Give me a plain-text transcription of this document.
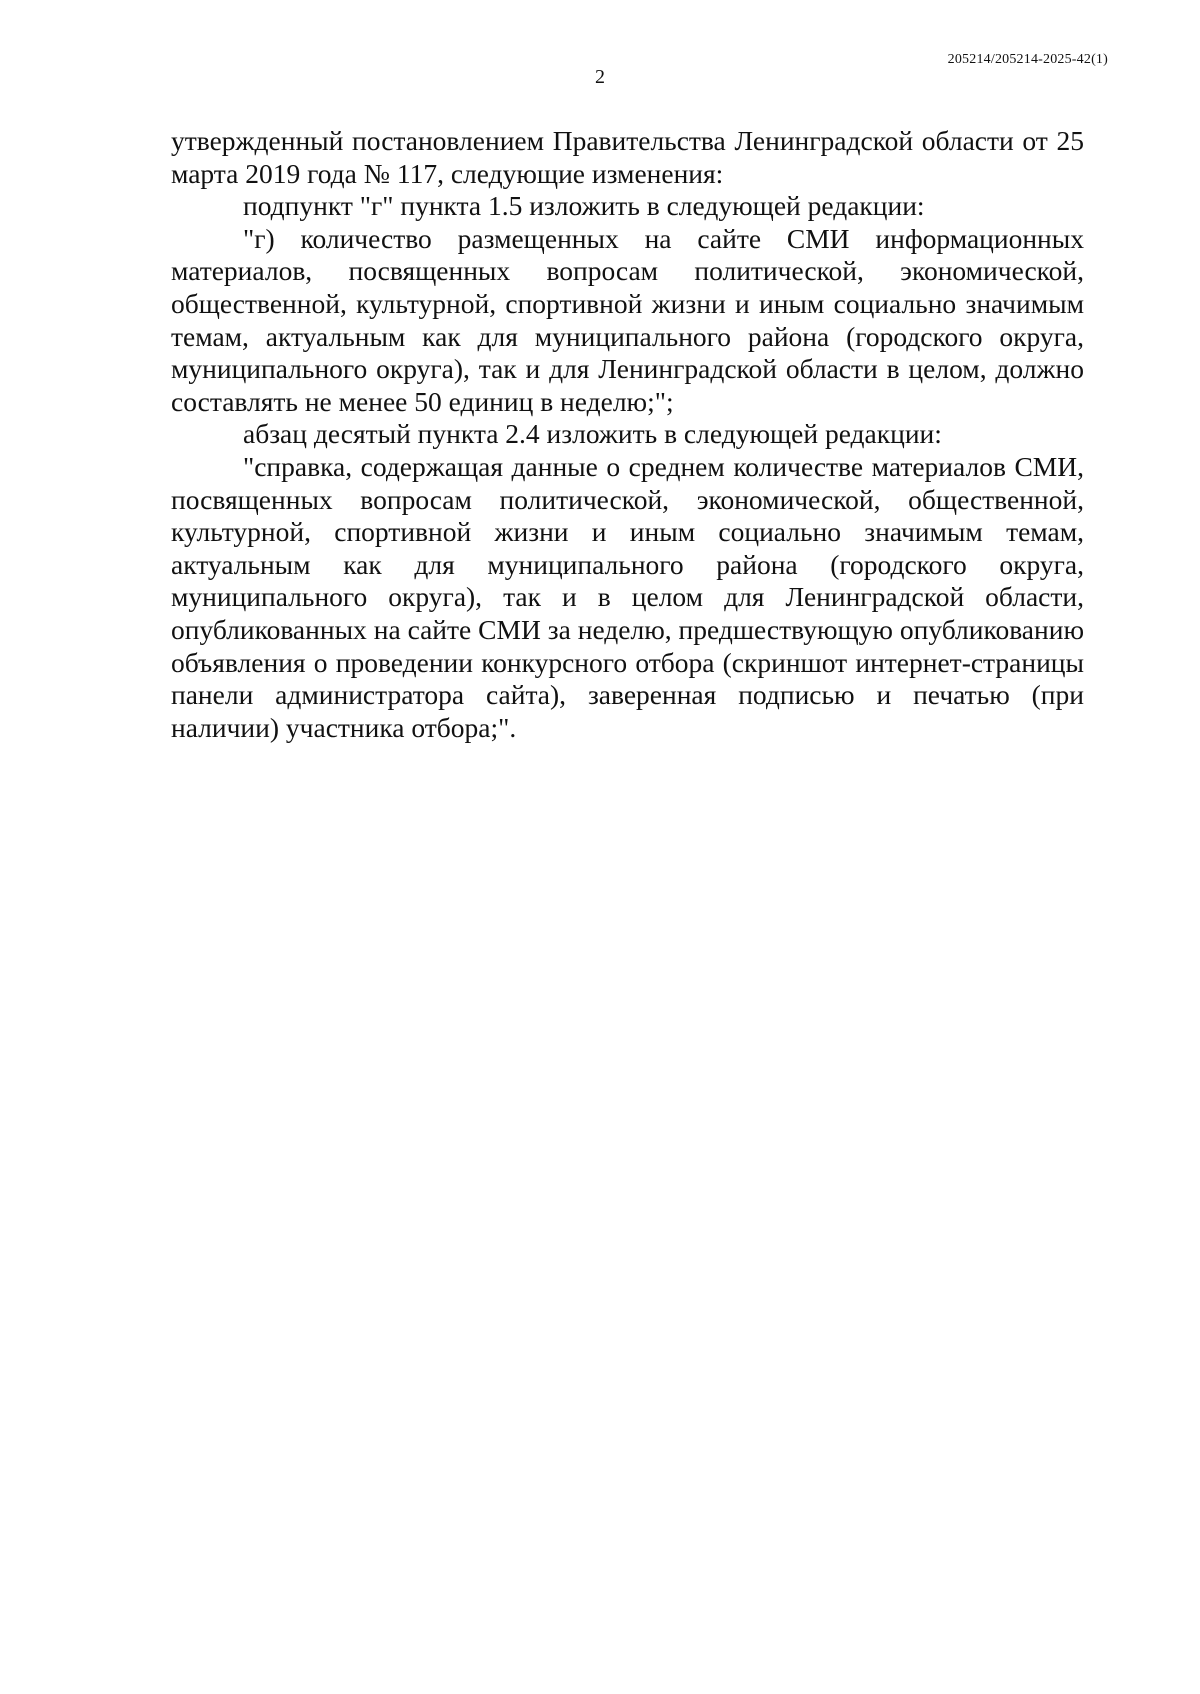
205214/205214-2025-42(1)
2

утвержденный постановлением Правительства Ленинградской области от 25 марта 2019 года № 117, следующие изменения:

подпункт "г" пункта 1.5 изложить в следующей редакции:

"г) количество размещенных на сайте СМИ информационных материалов, посвященных вопросам политической, экономической, общественной, культурной, спортивной жизни и иным социально значимым темам, актуальным как для муниципального района (городского округа, муниципального округа), так и для Ленинградской области в целом, должно составлять не менее 50 единиц в неделю;";

абзац десятый пункта 2.4 изложить в следующей редакции:

"справка, содержащая данные о среднем количестве материалов СМИ, посвященных вопросам политической, экономической, общественной, культурной, спортивной жизни и иным социально значимым темам, актуальным как для муниципального района (городского округа, муниципального округа), так и в целом для Ленинградской области, опубликованных на сайте СМИ за неделю, предшествующую опубликованию объявления о проведении конкурсного отбора (скриншот интернет-страницы панели администратора сайта), заверенная подписью и печатью (при наличии) участника отбора;".
